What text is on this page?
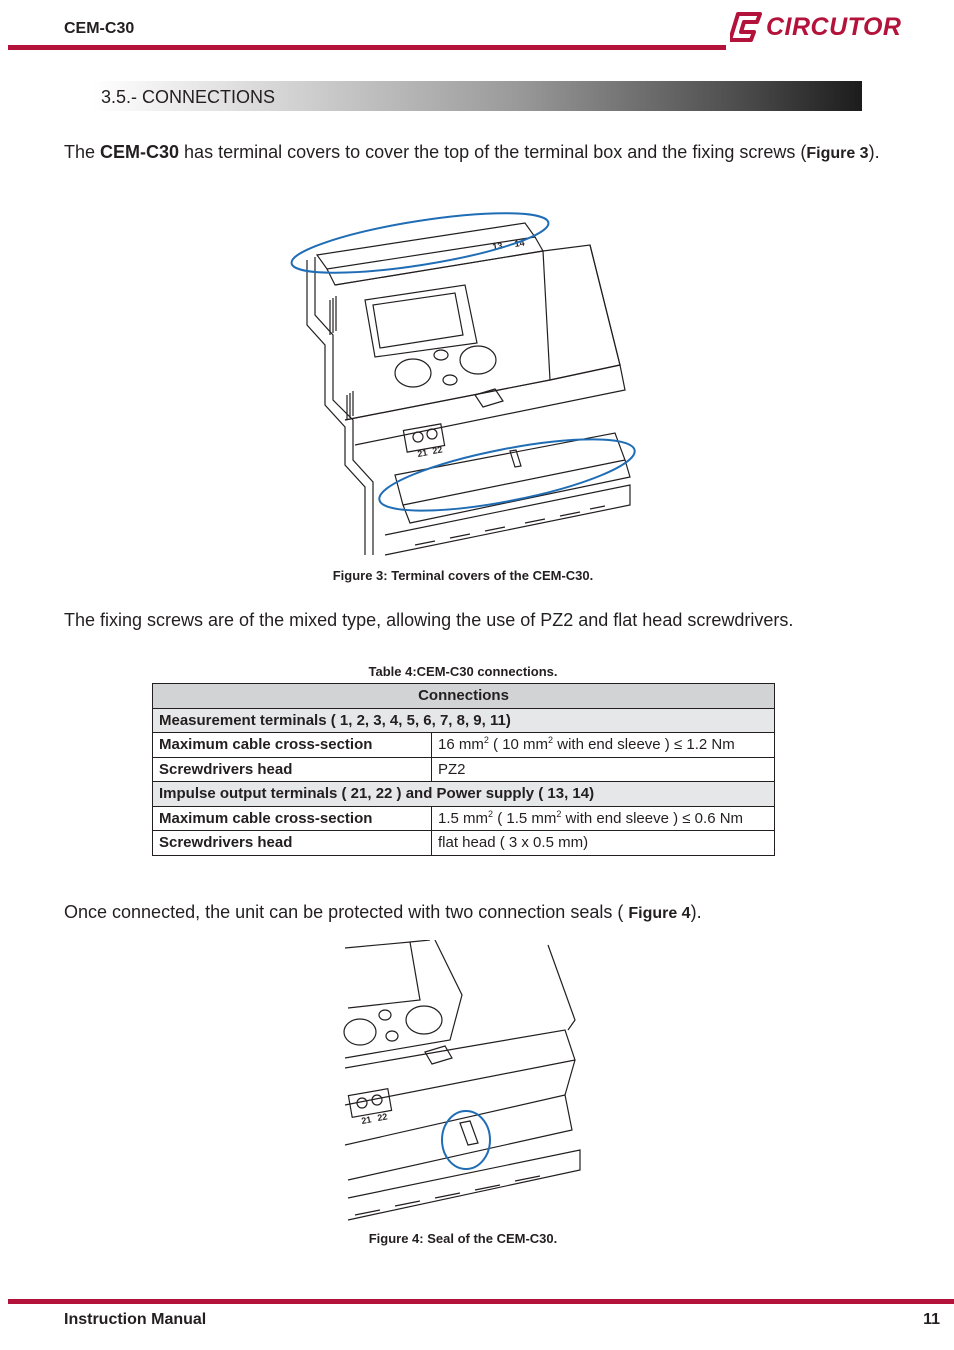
CEM-C30	CIRCUTOR
3.5.- CONNECTIONS
The CEM-C30 has terminal covers to cover the top of the terminal box and the fixing screws (Figure 3).
13 14
21 22
Figure 3: Terminal covers of the CEM-C30.
The fixing screws are of the mixed type, allowing the use of PZ2 and flat head screwdrivers.
Table 4:CEM-C30 connections.
Connections	
Measurement terminals ( 1, 2, 3, 4, 5, 6, 7, 8, 9, 11)	
Maximum cable cross-section	16 $mm^2$ ( 10 $mm^2$ with end sleeve ) ≤ 1.2 Nm
Screwdrivers head	PZ2
Impulse output terminals ( 21, 22 ) and Power supply ( 13, 14)	
Maximum cable cross-section	1.5 $mm^2$ ( 1.5 $mm^2$ with end sleeve ) ≤ 0.6 Nm
Screwdrivers head	flat head ( 3 x 0.5 mm)
Once connected, the unit can be protected with two connection seals ( Figure 4).
21 22
Figure 4: Seal of the CEM-C30.
Instruction Manual	11
